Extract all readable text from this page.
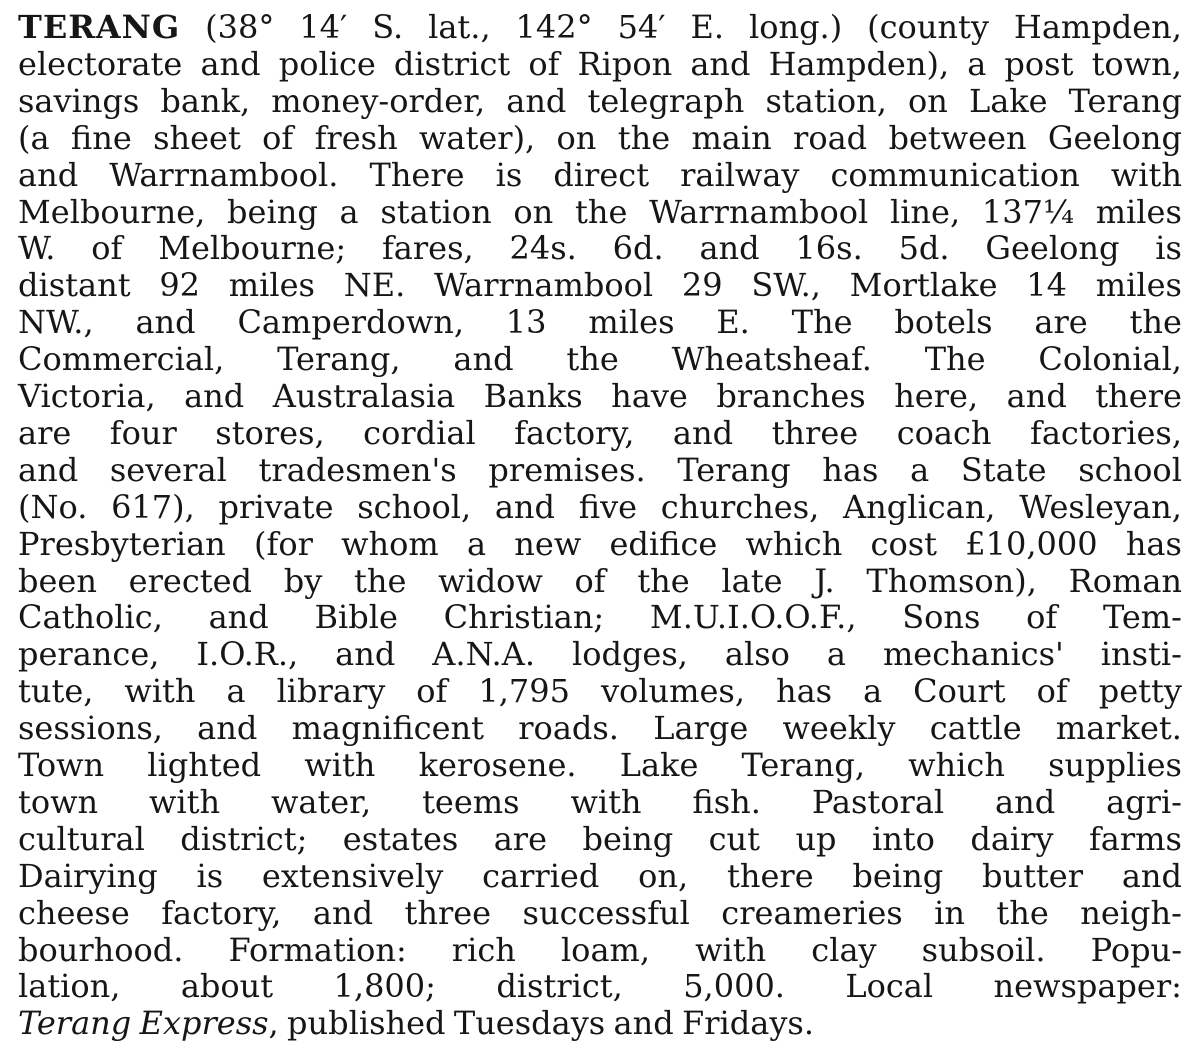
TERANG (38° 14′ S. lat., 142° 54′ E. long.) (county Hampden,
electorate and police district of Ripon and Hampden), a post town,
savings bank, money-order, and telegraph station, on Lake Terang
(a fine sheet of fresh water), on the main road between Geelong
and Warrnambool. There is direct railway communication with
Melbourne, being a station on the Warrnambool line, 137¼ miles
W. of Melbourne; fares, 24s. 6d. and 16s. 5d. Geelong is
distant 92 miles NE. Warrnambool 29 SW., Mortlake 14 miles
NW., and Camperdown, 13 miles E. The botels are the
Commercial, Terang, and the Wheatsheaf. The Colonial,
Victoria, and Australasia Banks have branches here, and there
are four stores, cordial factory, and three coach factories,
and several tradesmen's premises. Terang has a State school
(No. 617), private school, and five churches, Anglican, Wesleyan,
Presbyterian (for whom a new edifice which cost £10,000 has
been erected by the widow of the late J. Thomson), Roman
Catholic, and Bible Christian; M.U.I.O.O.F., Sons of Tem-
perance, I.O.R., and A.N.A. lodges, also a mechanics' insti-
tute, with a library of 1,795 volumes, has a Court of petty
sessions, and magnificent roads. Large weekly cattle market.
Town lighted with kerosene. Lake Terang, which supplies
town with water, teems with fish. Pastoral and agri-
cultural district; estates are being cut up into dairy farms
Dairying is extensively carried on, there being butter and
cheese factory, and three successful creameries in the neigh-
bourhood. Formation: rich loam, with clay subsoil. Popu-
lation, about 1,800; district, 5,000. Local newspaper:
Terang Express, published Tuesdays and Fridays.
